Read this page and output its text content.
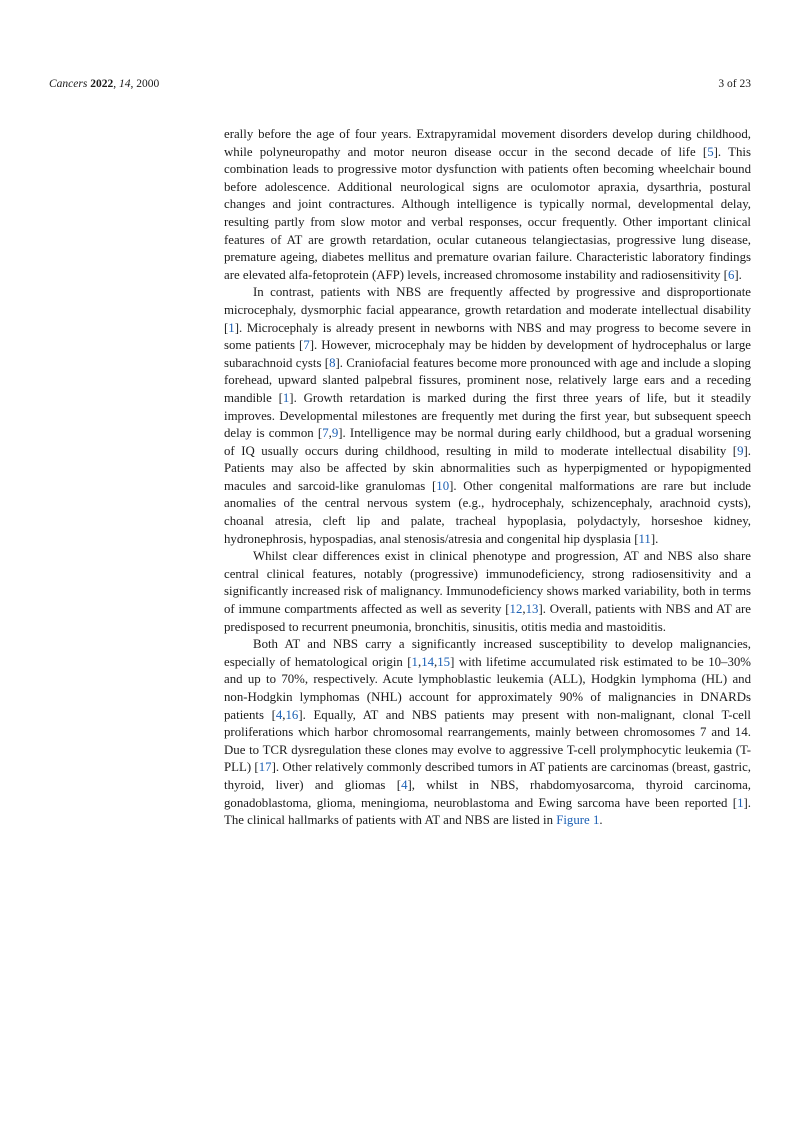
Cancers 2022, 14, 2000	3 of 23

erally before the age of four years. Extrapyramidal movement disorders develop during childhood, while polyneuropathy and motor neuron disease occur in the second decade of life [5]. This combination leads to progressive motor dysfunction with patients often becoming wheelchair bound before adolescence. Additional neurological signs are oculomotor apraxia, dysarthria, postural changes and joint contractures. Although intelligence is typically normal, developmental delay, resulting partly from slow motor and verbal responses, occur frequently. Other important clinical features of AT are growth retardation, ocular cutaneous telangiectasias, progressive lung disease, premature ageing, diabetes mellitus and premature ovarian failure. Characteristic laboratory findings are elevated alfa-fetoprotein (AFP) levels, increased chromosome instability and radiosensitivity [6].

In contrast, patients with NBS are frequently affected by progressive and disproportionate microcephaly, dysmorphic facial appearance, growth retardation and moderate intellectual disability [1]. Microcephaly is already present in newborns with NBS and may progress to become severe in some patients [7]. However, microcephaly may be hidden by development of hydrocephalus or large subarachnoid cysts [8]. Craniofacial features become more pronounced with age and include a sloping forehead, upward slanted palpebral fissures, prominent nose, relatively large ears and a receding mandible [1]. Growth retardation is marked during the first three years of life, but it steadily improves. Developmental milestones are frequently met during the first year, but subsequent speech delay is common [7,9]. Intelligence may be normal during early childhood, but a gradual worsening of IQ usually occurs during childhood, resulting in mild to moderate intellectual disability [9]. Patients may also be affected by skin abnormalities such as hyperpigmented or hypopigmented macules and sarcoid-like granulomas [10]. Other congenital malformations are rare but include anomalies of the central nervous system (e.g., hydrocephaly, schizencephaly, arachnoid cysts), choanal atresia, cleft lip and palate, tracheal hypoplasia, polydactyly, horseshoe kidney, hydronephrosis, hypospadias, anal stenosis/atresia and congenital hip dysplasia [11].

Whilst clear differences exist in clinical phenotype and progression, AT and NBS also share central clinical features, notably (progressive) immunodeficiency, strong radiosensitivity and a significantly increased risk of malignancy. Immunodeficiency shows marked variability, both in terms of immune compartments affected as well as severity [12,13]. Overall, patients with NBS and AT are predisposed to recurrent pneumonia, bronchitis, sinusitis, otitis media and mastoiditis.

Both AT and NBS carry a significantly increased susceptibility to develop malignancies, especially of hematological origin [1,14,15] with lifetime accumulated risk estimated to be 10–30% and up to 70%, respectively. Acute lymphoblastic leukemia (ALL), Hodgkin lymphoma (HL) and non-Hodgkin lymphomas (NHL) account for approximately 90% of malignancies in DNARDs patients [4,16]. Equally, AT and NBS patients may present with non-malignant, clonal T-cell proliferations which harbor chromosomal rearrangements, mainly between chromosomes 7 and 14. Due to TCR dysregulation these clones may evolve to aggressive T-cell prolymphocytic leukemia (T-PLL) [17]. Other relatively commonly described tumors in AT patients are carcinomas (breast, gastric, thyroid, liver) and gliomas [4], whilst in NBS, rhabdomyosarcoma, thyroid carcinoma, gonadoblastoma, glioma, meningioma, neuroblastoma and Ewing sarcoma have been reported [1]. The clinical hallmarks of patients with AT and NBS are listed in Figure 1.
